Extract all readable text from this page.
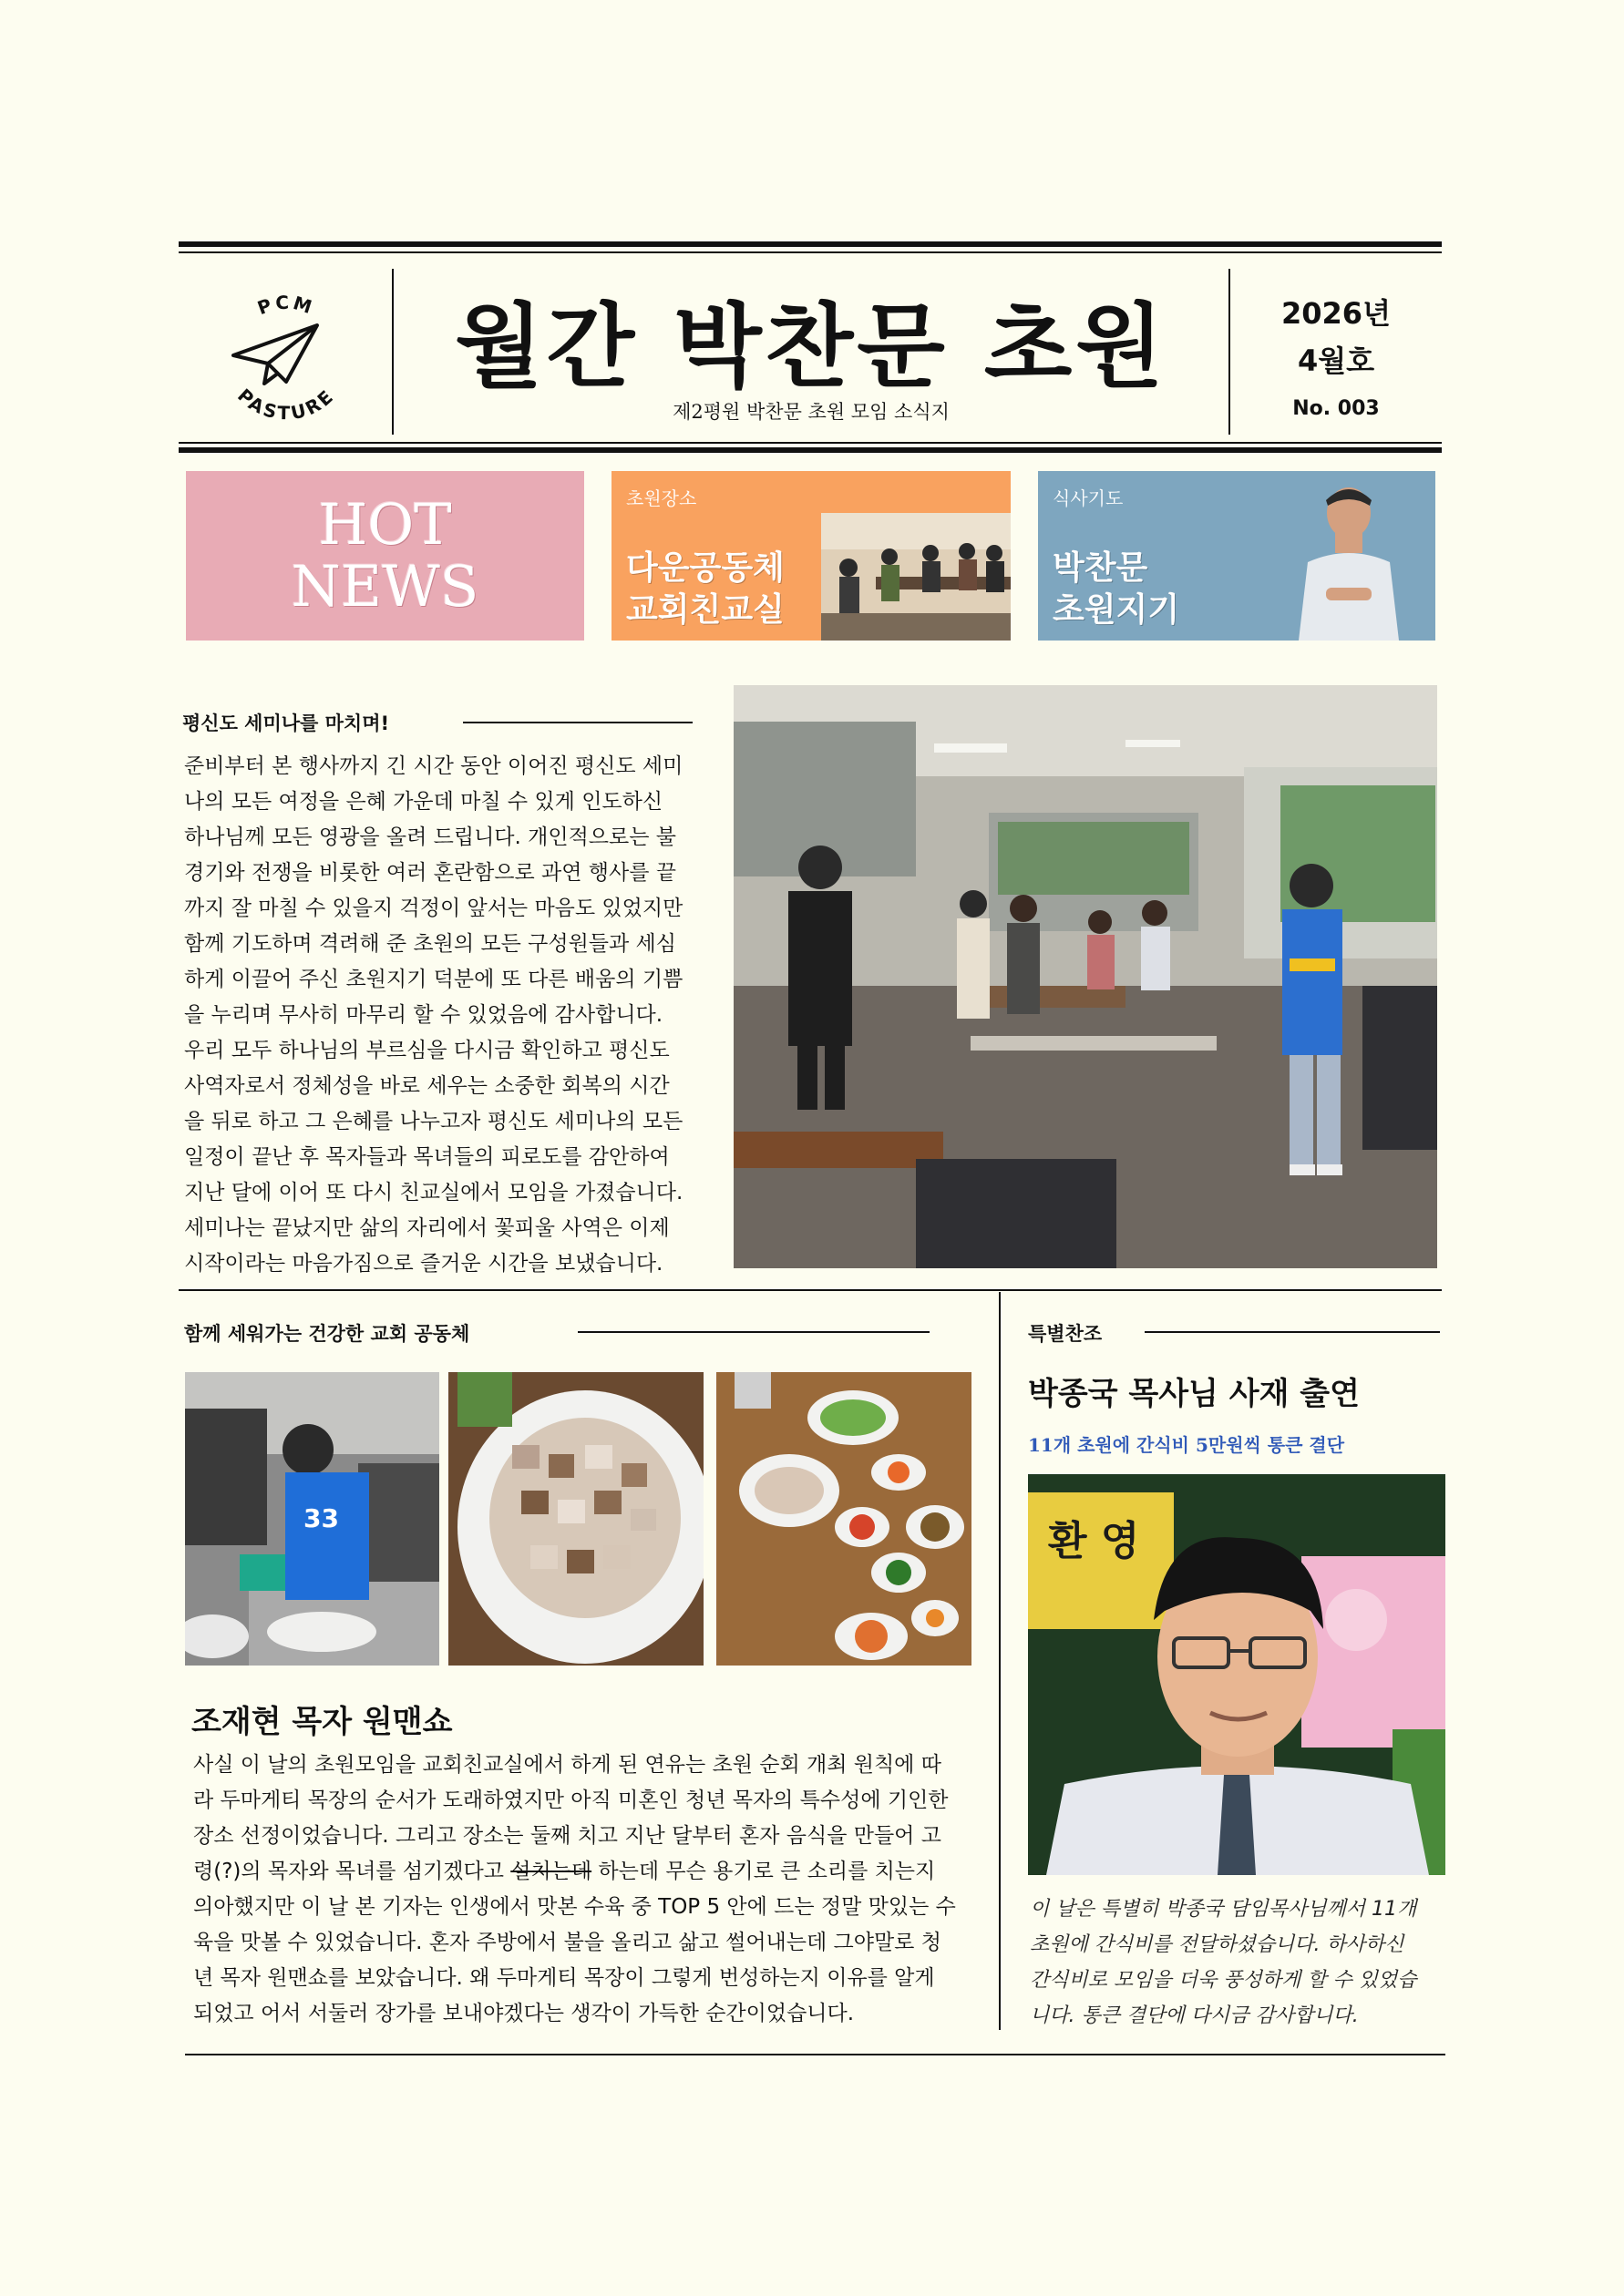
PCM
PASTURE	월간 박찬문 초원
제2평원 박찬문 초원 모임 소식지
2026년
4월호
No. 003
HOT
NEWS
초원장소
다운공동체
교회친교실
식사기도
박찬문
초원지기
평신도 세미나를 마치며!
준비부터 본 행사까지 긴 시간 동안 이어진 평신도 세미
나의 모든 여정을 은혜 가운데 마칠 수 있게 인도하신
하나님께 모든 영광을 올려 드립니다. 개인적으로는 불
경기와 전쟁을 비롯한 여러 혼란함으로 과연 행사를 끝
까지 잘 마칠 수 있을지 걱정이 앞서는 마음도 있었지만
함께 기도하며 격려해 준 초원의 모든 구성원들과 세심
하게 이끌어 주신 초원지기 덕분에 또 다른 배움의 기쁨
을 누리며 무사히 마무리 할 수 있었음에 감사합니다.
우리 모두 하나님의 부르심을 다시금 확인하고 평신도
사역자로서 정체성을 바로 세우는 소중한 회복의 시간
을 뒤로 하고 그 은혜를 나누고자 평신도 세미나의 모든
일정이 끝난 후 목자들과 목녀들의 피로도를 감안하여
지난 달에 이어 또 다시 친교실에서 모임을 가졌습니다.
세미나는 끝났지만 삶의 자리에서 꽃피울 사역은 이제
시작이라는 마음가짐으로 즐거운 시간을 보냈습니다.
함께 세워가는 건강한 교회 공동체
33
조재현 목자 원맨쇼
사실 이 날의 초원모임을 교회친교실에서 하게 된 연유는 초원 순회 개최 원칙에 따
라 두마게티 목장의 순서가 도래하였지만 아직 미혼인 청년 목자의 특수성에 기인한
장소 선정이었습니다. 그리고 장소는 둘째 치고 지난 달부터 혼자 음식을 만들어 고
령(?)의 목자와 목녀를 섬기겠다고 설치는데 하는데 무슨 용기로 큰 소리를 치는지
의아했지만 이 날 본 기자는 인생에서 맛본 수육 중 TOP 5 안에 드는 정말 맛있는 수
육을 맛볼 수 있었습니다. 혼자 주방에서 불을 올리고 삶고 썰어내는데 그야말로 청
년 목자 원맨쇼를 보았습니다. 왜 두마게티 목장이 그렇게 번성하는지 이유를 알게
되었고 어서 서둘러 장가를 보내야겠다는 생각이 가득한 순간이었습니다.
특별찬조
박종국 목사님 사재 출연
11개 초원에 간식비 5만원씩 통큰 결단
환 영
이 날은 특별히 박종국 담임목사님께서 11개
초원에 간식비를 전달하셨습니다. 하사하신
간식비로 모임을 더욱 풍성하게 할 수 있었습
니다. 통큰 결단에 다시금 감사합니다.
